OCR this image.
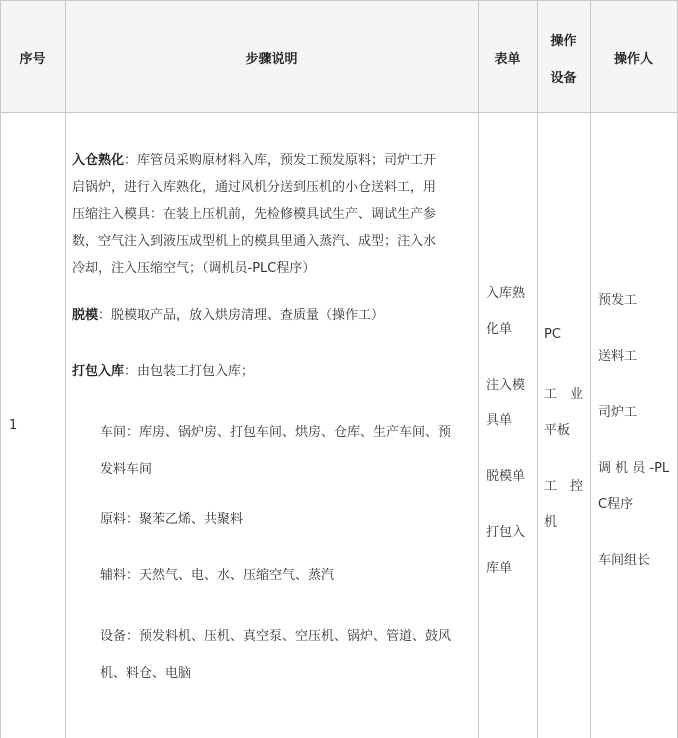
序号	步骤说明	表单
操作
设备
操作人
1

入仓熟化：库管员采购原材料入库，预发工预发原料；司炉工开
启锅炉，进行入库熟化，通过风机分送到压机的小仓送料工，用
压缩注入模具：在装上压机前，先检修模具试生产、调试生产参
数，空气注入到液压成型机上的模具里通入蒸汽、成型；注入水
冷却，注入压缩空气；（调机员-PLC程序）

脱模：脱模取产品，放入烘房清理、查质量（操作工）
打包入库：由包装工打包入库；
车间：库房、锅炉房、打包车间、烘房、仓库、生产车间、预
发料车间
原料：聚苯乙烯、共聚料
辅料：天然气、电、水、压缩空气、蒸汽
设备：预发料机、压机、真空泵、空压机、锅炉、管道、鼓风
机、料仓、电脑
入库熟
化单
注入模
具单
脱模单
打包入
库单
PC
工　业
平板
工　控
机
预发工
送料工
司炉工
调 机 员 -PL
C程序
车间组长
